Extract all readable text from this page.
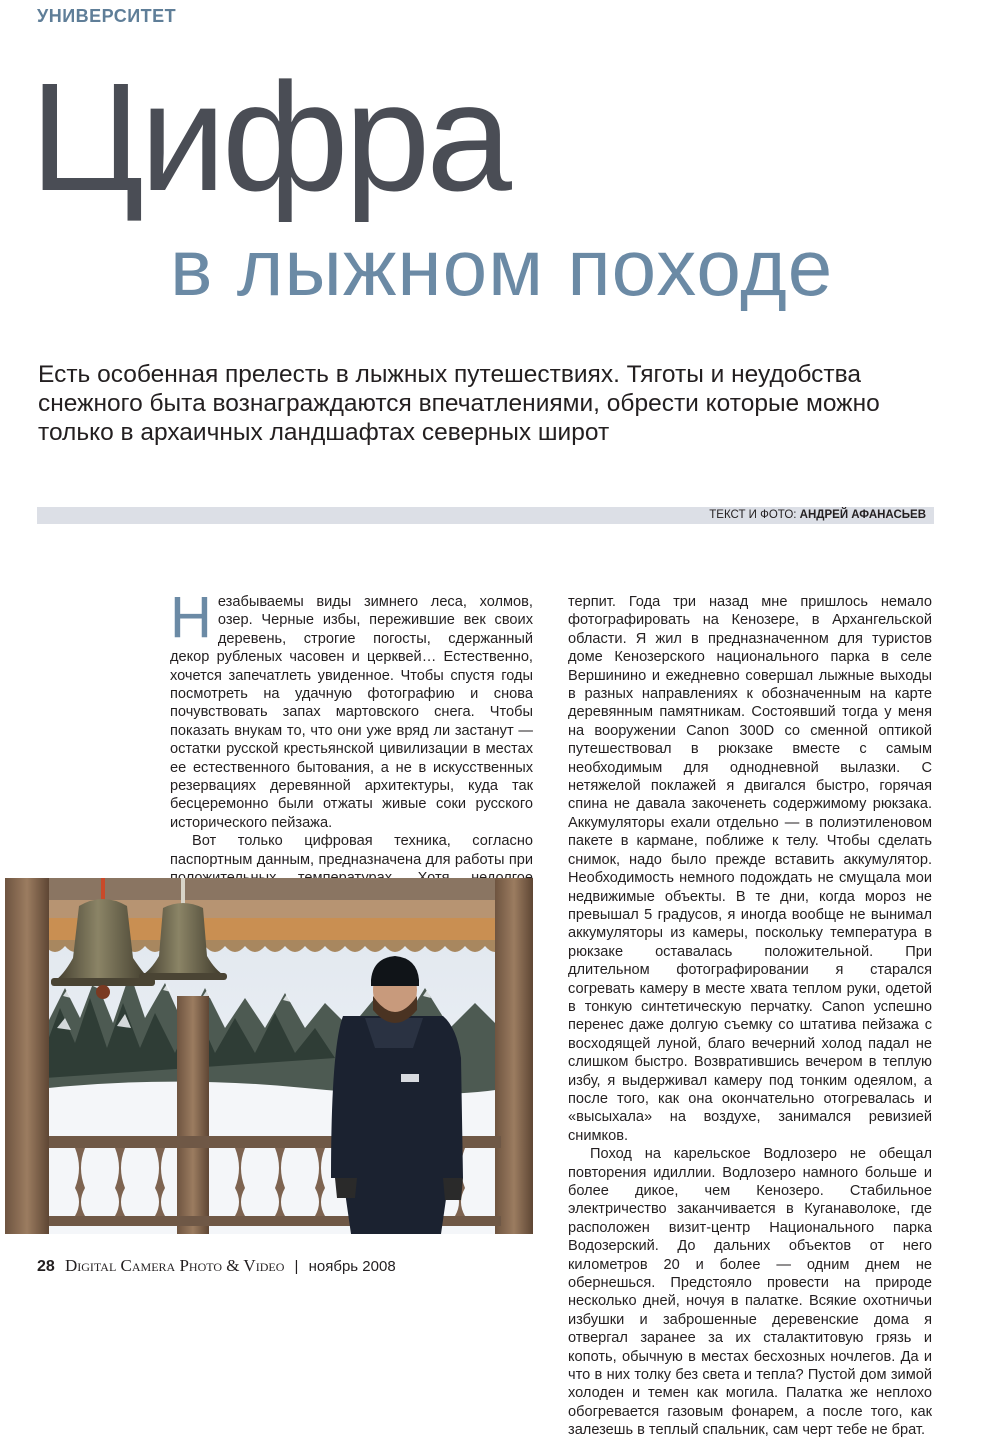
УНИВЕРСИТЕТ
Цифра
в лыжном походе
Есть особенная прелесть в лыжных путешествиях. Тяготы и неудобства снежного быта вознаграждаются впечатлениями, обрести которые можно только в архаичных ландшафтах северных широт
ТЕКСТ И ФОТО: АНДРЕЙ АФАНАСЬЕВ

Незабываемы виды зимнего леса, холмов, озер. Черные избы, пережившие век своих деревень, строгие погосты, сдержанный декор рубленых часовен и церквей… Естественно, хочется запечатлеть увиденное. Чтобы спустя годы посмотреть на удачную фотографию и снова почувствовать запах мартовского снега. Чтобы показать внукам то, что они уже вряд ли застанут — остатки русской крестьянской цивилизации в местах ее естественного бытования, а не в искусственных резервациях деревянной архитектуры, куда так бесцеремонно были отжаты живые соки русского исторического пейзажа.

Вот только цифровая техника, согласно паспортным данным, предназначена для работы при

терпит. Года три назад мне пришлось немало фотографировать на Кенозере, в Архангельской области. Я жил в предназначенном для туристов доме Кенозерского национального парка в селе Вершинино и ежедневно совершал лыжные выходы в разных направлениях к обозначенным на карте деревянным памятникам. Состоявший тогда у меня на вооружении Canon 300D со сменной оптикой путешествовал в рюкзаке вместе с самым необходимым для однодневной вылазки. С нетяжелой поклажей я двигался быстро, горячая спина не давала закоченеть содержимому рюкзака. Аккумуляторы ехали отдельно — в полиэтиленовом пакете в кармане, поближе к телу. Чтобы сделать снимок, надо было прежде вставить аккумулятор. Необходимость немного подождать не смущала мои недвижимые объекты. В те дни, когда мороз не превышал 5 градусов, я иногда вообще не вынимал аккумуляторы из камеры, поскольку температура в рюкзаке оставалась положительной. При длительном фотографировании я старался согревать камеру в месте хвата теплом руки, одетой в тонкую синтетическую перчатку. Canon успешно перенес даже долгую съемку со штатива пейзажа с восходящей луной, благо вечерний холод падал не слишком быстро. Возвратившись вечером в теплую избу, я выдерживал камеру под тонким одеялом, а после того, как она окончательно отогревалась и «высыхала» на воздухе, занимался ревизией снимков.

Поход на карельское Водлозеро не обещал повторения идиллии. Водлозеро намного больше и более дикое, чем Кенозеро. Стабильное электричество заканчивается в Куганаволоке, где расположен визит-центр Национального парка Водозерский. До дальних объектов от него километров 20 и более — одним днем не обернешься. Предстояло провести на природе несколько дней, ночуя в палатке. Всякие охотничьи избушки и заброшенные деревенские дома я отвергал заранее за их сталактитовую грязь и копоть, обычную в местах бесхозных ночлегов. Да и что в них толку без света и тепла? Пустой дом зимой холоден и темен как могила. Палатка же неплохо обогревается газовым фонарем, а после того, как залезешь в теплый спальник, сам черт тебе не брат.

28 Digital Camera Photo & Video | ноябрь 2008
